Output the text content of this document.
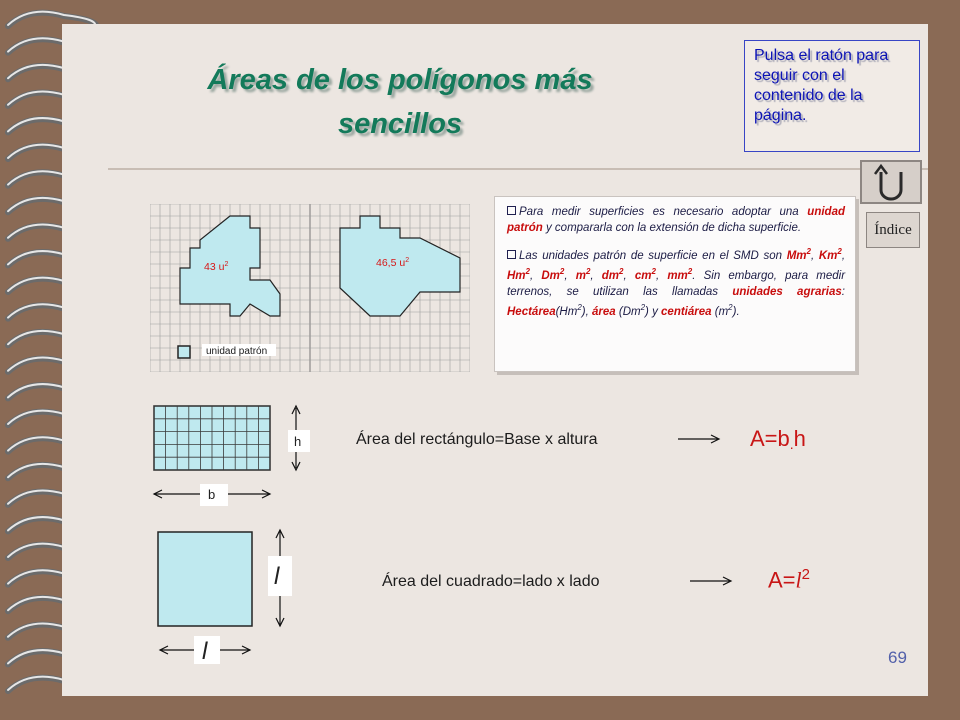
Áreas de los polígonos más
sencillos
Pulsa el ratón para seguir con el contenido de la página.
Índice
43 $u^2$	46,5 $u^2$
unidad patrón

Para medir superficies es necesario adoptar una unidad patrón y compararla con la extensión de dicha superficie.

Las unidades patrón de superficie en el SMD son Mm$^2$, Km$^2$, Hm$^2$, Dm$^2$, $m^2$, $dm^2$, $cm^2$, $mm^2$. Sin embargo, para medir terrenos, se utilizan las llamadas unidades agrarias: Hectárea(Hm$^2$), área (Dm$^2$) y centiárea $(m^2)$.

h
b
Área del rectángulo=Base x altura	A=b.h
l
l
Área del cuadrado=lado x lado	$A=l^2$
69
